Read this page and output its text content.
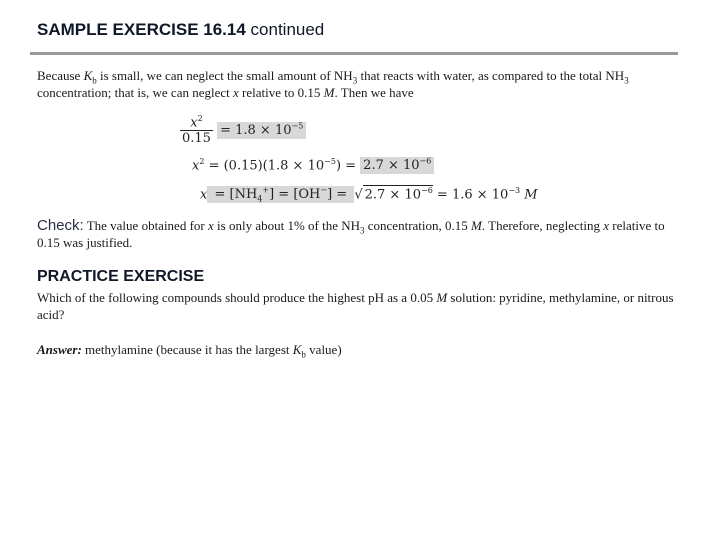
SAMPLE EXERCISE 16.14 continued
Because $K_b$ is small, we can neglect the small amount of $NH_3$ that reacts with water, as compared to the total $NH_3$ concentration; that is, we can neglect x relative to 0.15 M. Then we have
$\frac{x^2}{0.15} = 1.8 \times 10^{-5}$
$x^2 = (0.15)(1.8 \times 10^{-5}) = 2.7 \times 10^{-6}$
$x = [NH_4^+] = [OH^-]$ = √ $2.7 \times 10^{-6} = 1.6 \times 10^{-3}$ M
Check: The value obtained for x is only about 1% of the $NH_3$ concentration, 0.15 M. Therefore, neglecting x relative to 0.15 was justified.
PRACTICE EXERCISE
Which of the following compounds should produce the highest pH as a 0.05 M solution: pyridine, methylamine, or nitrous acid?
Answer: methylamine (because it has the largest $K_b$ value)
